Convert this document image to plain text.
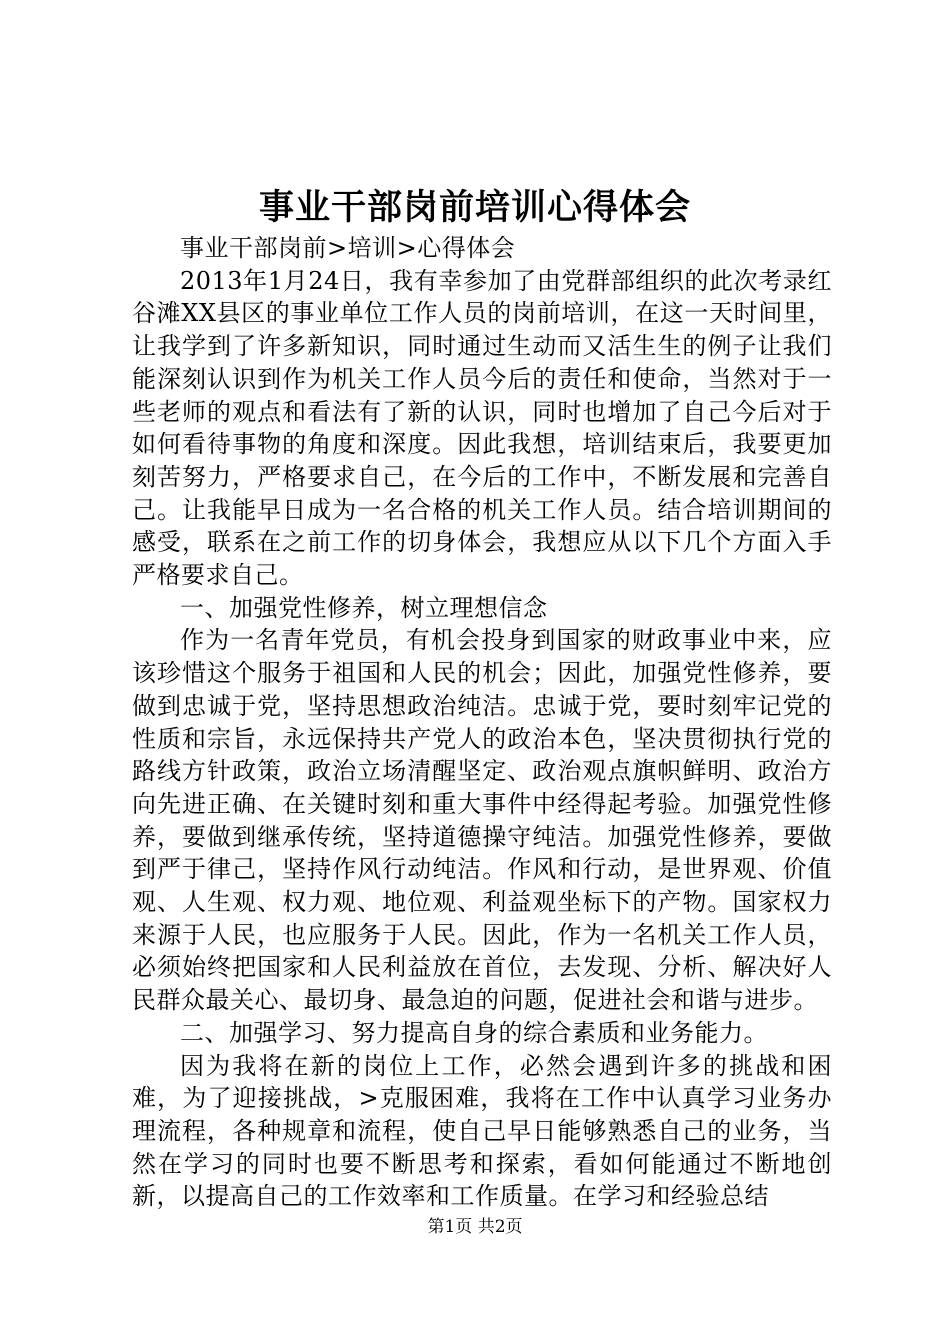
事业干部岗前培训心得体会

事业干部岗前>培训>心得体会

2013年1月24日，我有幸参加了由党群部组织的此次考录红谷滩XX县区的事业单位工作人员的岗前培训，在这一天时间里，让我学到了许多新知识，同时通过生动而又活生生的例子让我们能深刻认识到作为机关工作人员今后的责任和使命，当然对于一些老师的观点和看法有了新的认识，同时也增加了自己今后对于如何看待事物的角度和深度。因此我想，培训结束后，我要更加刻苦努力，严格要求自己，在今后的工作中，不断发展和完善自己。让我能早日成为一名合格的机关工作人员。结合培训期间的感受，联系在之前工作的切身体会，我想应从以下几个方面入手严格要求自己。

一、加强党性修养，树立理想信念

作为一名青年党员，有机会投身到国家的财政事业中来，应该珍惜这个服务于祖国和人民的机会；因此，加强党性修养，要做到忠诚于党，坚持思想政治纯洁。忠诚于党，要时刻牢记党的性质和宗旨，永远保持共产党人的政治本色，坚决贯彻执行党的路线方针政策，政治立场清醒坚定、政治观点旗帜鲜明、政治方向先进正确、在关键时刻和重大事件中经得起考验。加强党性修养，要做到继承传统，坚持道德操守纯洁。加强党性修养，要做到严于律己，坚持作风行动纯洁。作风和行动，是世界观、价值观、人生观、权力观、地位观、利益观坐标下的产物。国家权力来源于人民，也应服务于人民。因此，作为一名机关工作人员，必须始终把国家和人民利益放在首位，去发现、分析、解决好人民群众最关心、最切身、最急迫的问题，促进社会和谐与进步。

二、加强学习、努力提高自身的综合素质和业务能力。

因为我将在新的岗位上工作，必然会遇到许多的挑战和困难，为了迎接挑战，>克服困难，我将在工作中认真学习业务办理流程，各种规章和流程，使自己早日能够熟悉自己的业务，当然在学习的同时也要不断思考和探索，看如何能通过不断地创新，以提高自己的工作效率和工作质量。在学习和经验总结

第1页 共2页
